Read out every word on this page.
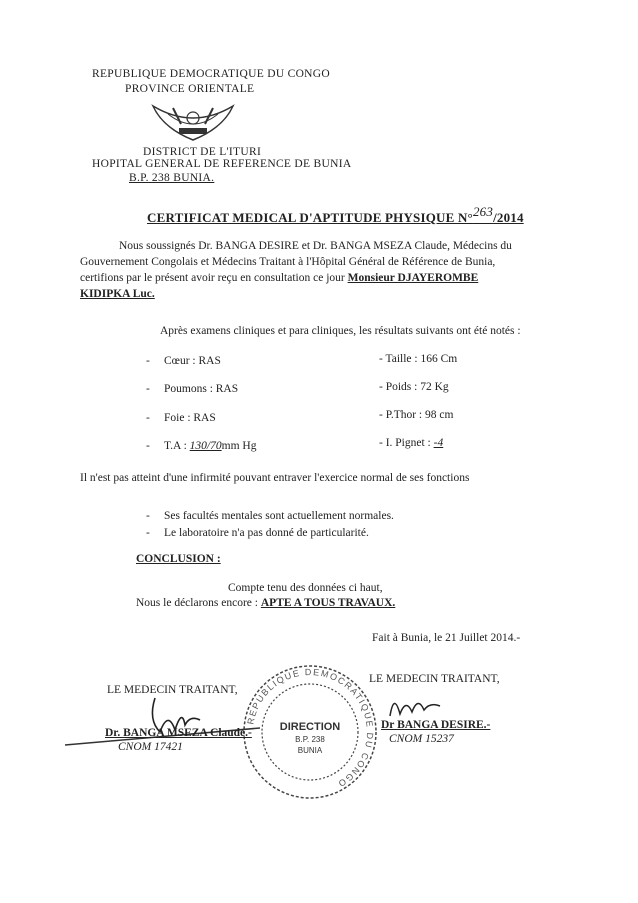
REPUBLIQUE DEMOCRATIQUE DU CONGO
PROVINCE ORIENTALE
DISTRICT DE L'ITURI
HOPITAL GENERAL DE REFERENCE DE BUNIA
B.P. 238 BUNIA.
CERTIFICAT MEDICAL D'APTITUDE PHYSIQUE N°263/2014
Nous soussignés Dr. BANGA DESIRE et Dr. BANGA MSEZA Claude, Médecins du
Gouvernement Congolais et Médecins Traitant à l'Hôpital Général de Référence de Bunia,
certifions par le présent avoir reçu en consultation ce jour Monsieur DJAYEROMBE
KIDIPKA Luc.
Après examens cliniques et para cliniques, les résultats suivants ont été notés :
- Cœur : RAS
- Poumons : RAS
- Foie : RAS
- T.A : 130/70mm Hg
- Taille : 166 Cm
- Poids : 72 Kg
- P.Thor : 98 cm
- I. Pignet : -4
Il n'est pas atteint d'une infirmité pouvant entraver l'exercice normal de ses fonctions
- Ses facultés mentales sont actuellement normales.
- Le laboratoire n'a pas donné de particularité.
CONCLUSION :
Compte tenu des données ci haut,
Nous le déclarons encore : APTE A TOUS TRAVAUX.
Fait à Bunia, le 21 Juillet 2014.-
REPUBLIQUE DEMOCRATIQUE DU CONGO
DIRECTION
B.P. 238
BUNIA
LE MEDECIN TRAITANT,
Dr. BANGA MSEZA Claude.-
CNOM 17421
LE MEDECIN TRAITANT,
Dr BANGA DESIRE.-
CNOM 15237
